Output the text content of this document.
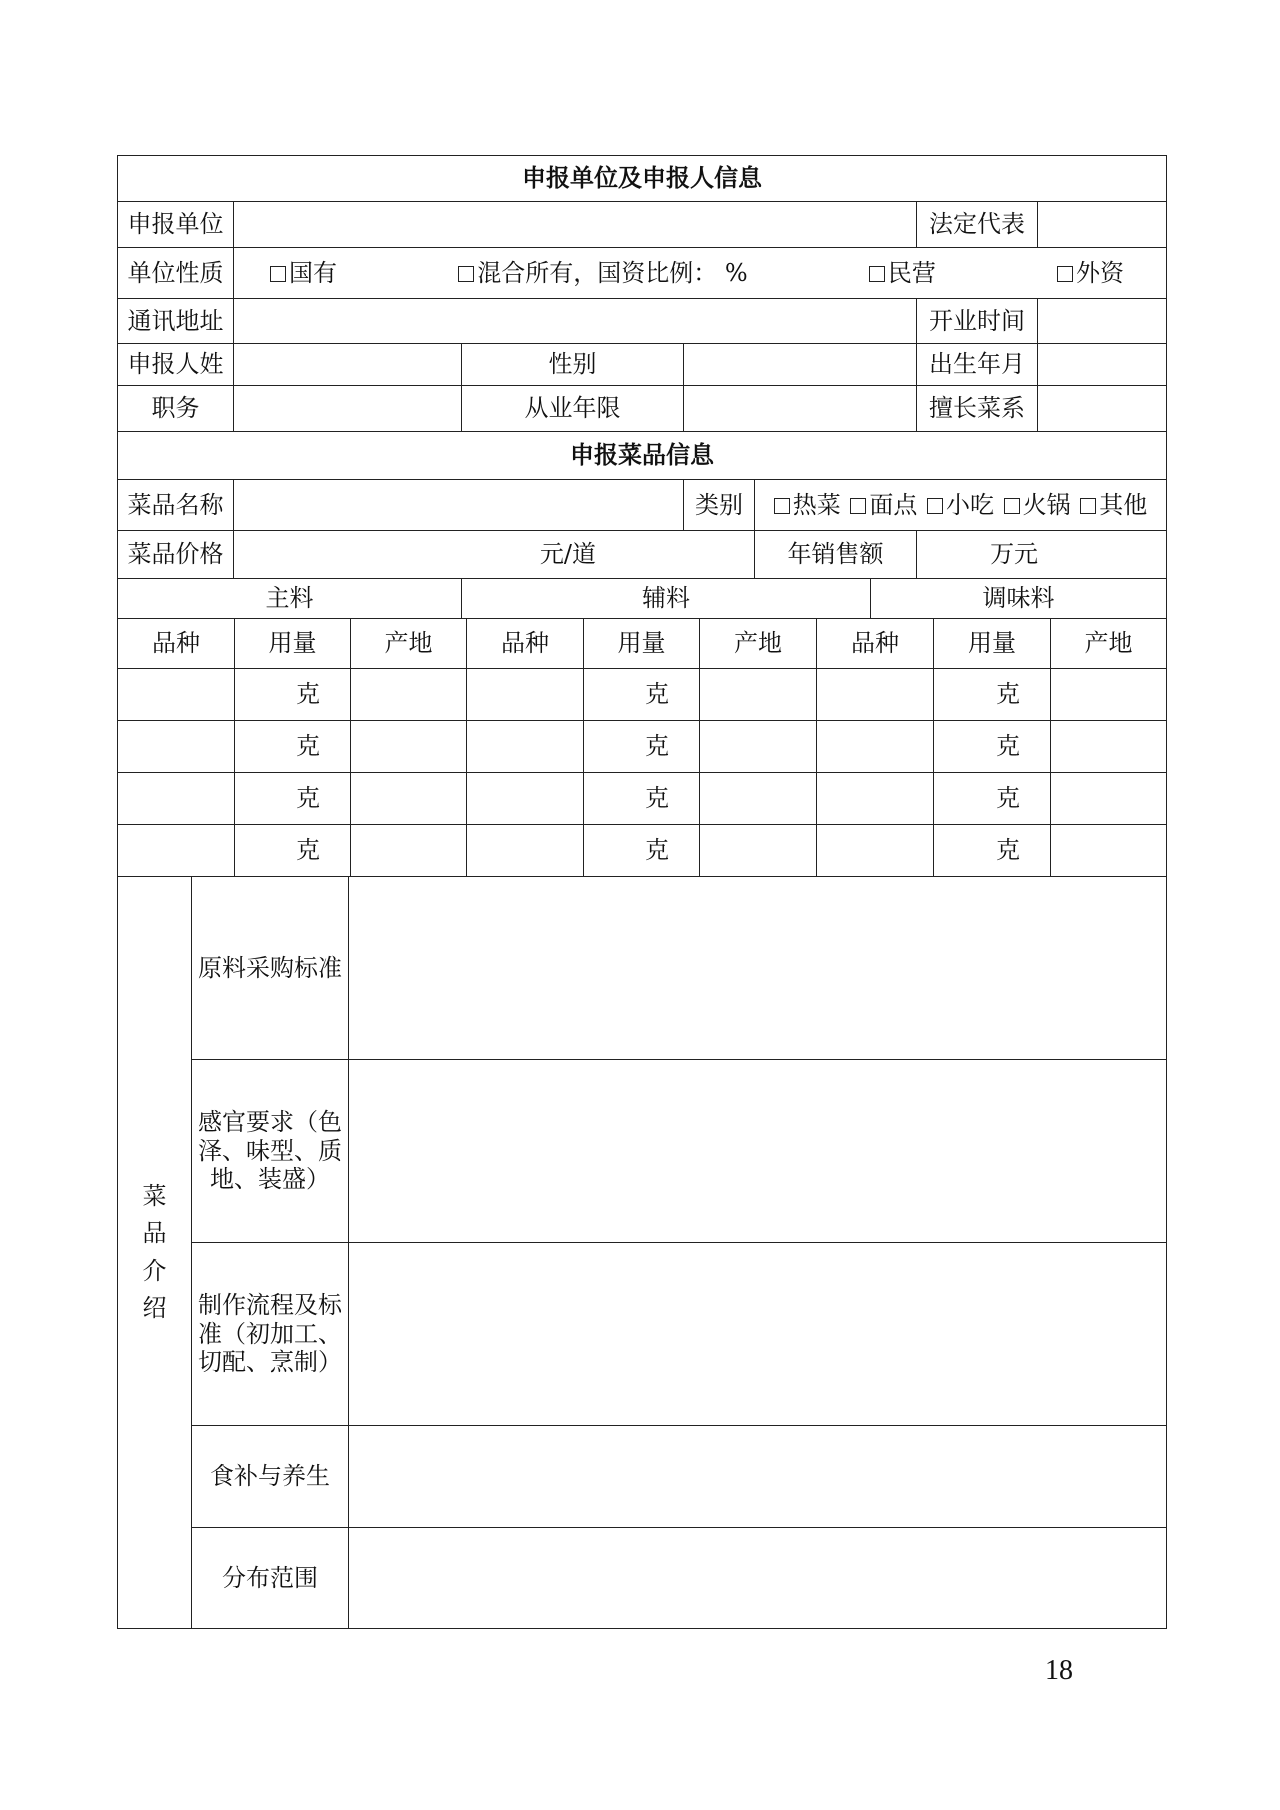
申报单位及申报人信息							
申报单位						法定代表	
单位性质	国有 混合所有，国资比例： % 民营 外资						

通讯地址						开业时间	
申报人姓		性别				出生年月	
职务		从业年限				擅长菜系	
申报菜品信息							
菜品名称			类别	热菜 面点 小吃 火锅 其他			

菜品价格	元/道			年销售额		万元	
主料		辅料			调味料		
品种	用量	产地	品种	用量	产地	品种	用量	产地
	克			克			克	
	克			克			克	
	克			克			克	
	克			克			克	
菜
品
介
绍	原料采购标准	
	感官要求（色泽、味型、质地、装盛）	
	制作流程及标准（初加工、切配、烹制）	
	食补与养生	
	分布范围	
18
